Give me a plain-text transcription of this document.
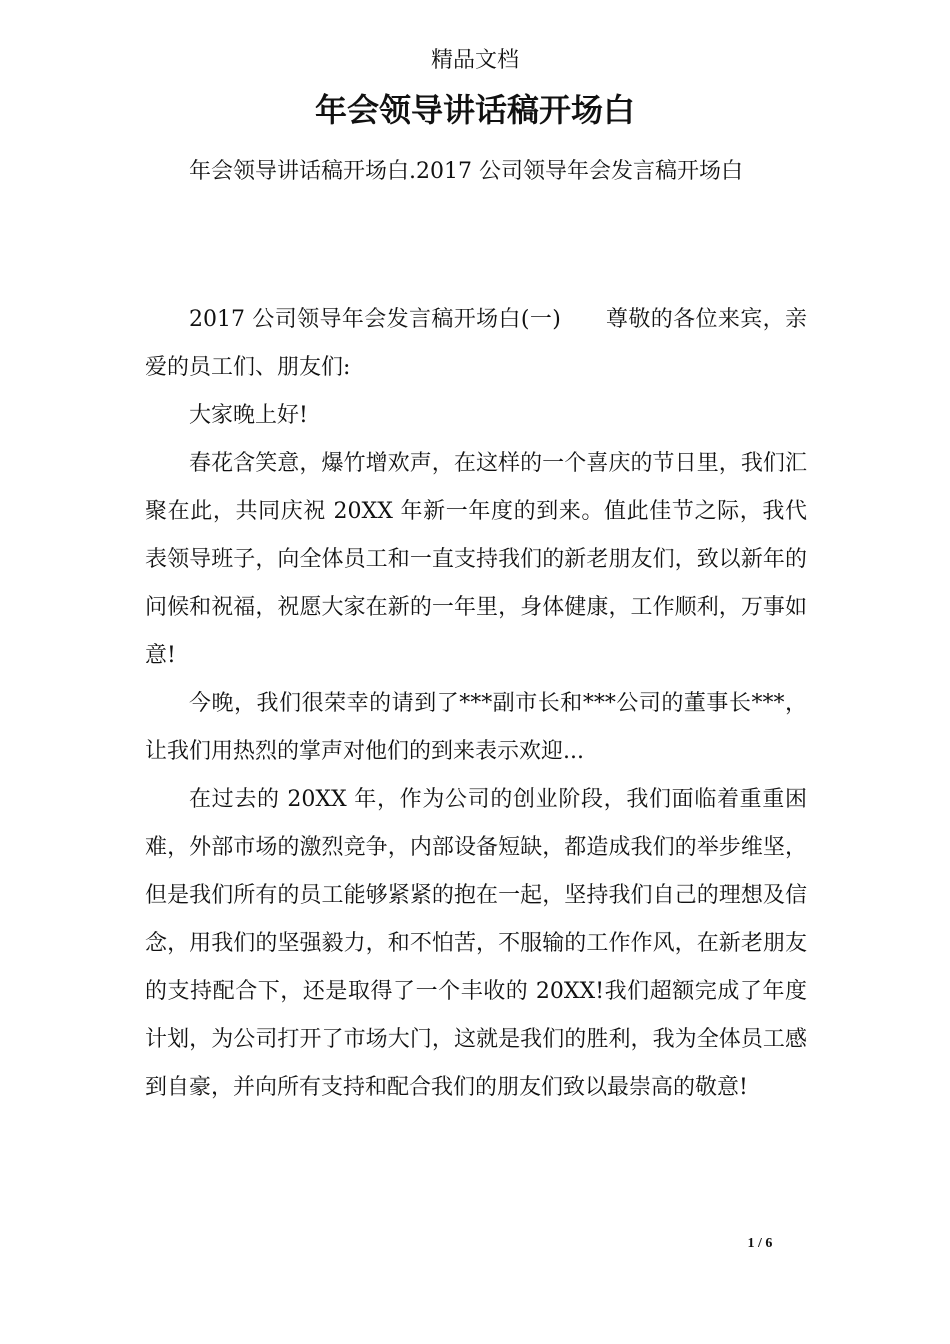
精品文档
年会领导讲话稿开场白

年会领导讲话稿开场白.2017 公司领导年会发言稿开场白

2017 公司领导年会发言稿开场白(一)　　尊敬的各位来宾，亲爱的员工们、朋友们:

大家晚上好!

春花含笑意，爆竹增欢声，在这样的一个喜庆的节日里，我们汇聚在此，共同庆祝 20XX 年新一年度的到来。值此佳节之际，我代表领导班子，向全体员工和一直支持我们的新老朋友们，致以新年的问候和祝福，祝愿大家在新的一年里，身体健康，工作顺利，万事如意!

今晚，我们很荣幸的请到了***副市长和***公司的董事长***，让我们用热烈的掌声对他们的到来表示欢迎...

在过去的 20XX 年，作为公司的创业阶段，我们面临着重重困难，外部市场的激烈竞争，内部设备短缺，都造成我们的举步维坚，但是我们所有的员工能够紧紧的抱在一起，坚持我们自己的理想及信念，用我们的坚强毅力，和不怕苦，不服输的工作作风，在新老朋友的支持配合下，还是取得了一个丰收的 20XX!我们超额完成了年度计划，为公司打开了市场大门，这就是我们的胜利，我为全体员工感到自豪，并向所有支持和配合我们的朋友们致以最崇高的敬意!

1 / 6
